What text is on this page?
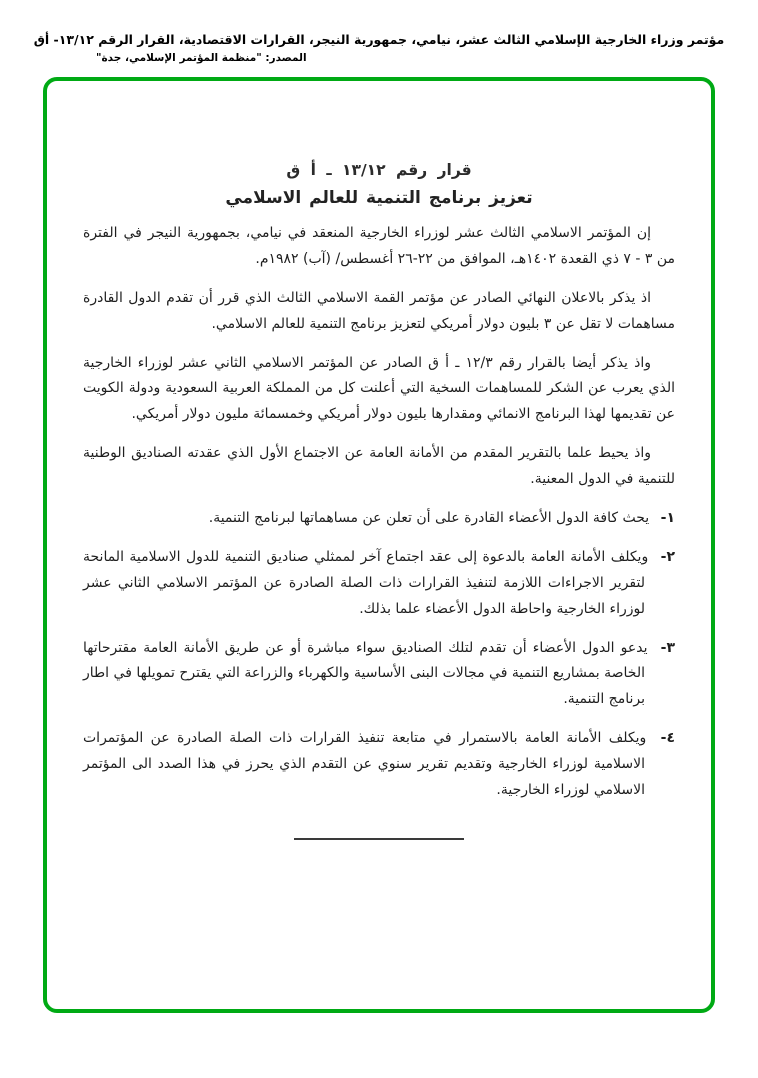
مؤتمر وزراء الخارجية الإسلامي الثالث عشر، نيامي، جمهورية النيجر، القرارات الاقتصادية، القرار الرقم ١٣/١٢- أق
المصدر: "منظمة المؤتمر الإسلامي، جدة"
قرار رقم ١٣/١٢ ـ أ ق
تعزيز برنامج التنمية للعالم الاسلامي

إن المؤتمر الاسلامي الثالث عشر لوزراء الخارجية المنعقد في نيامي، بجمهورية النيجر في الفترة من ٣ - ٧ ذي القعدة ١٤٠٢هـ، الموافق من ٢٢-٢٦ أغسطس/ (آب) ١٩٨٢م.

اذ يذكر بالاعلان النهائي الصادر عن مؤتمر القمة الاسلامي الثالث الذي قرر أن تقدم الدول القادرة مساهمات لا تقل عن ٣ بليون دولار أمريكي لتعزيز برنامج التنمية للعالم الاسلامي.

واذ يذكر أيضا بالقرار رقم ١٢/٣ ـ أ ق الصادر عن المؤتمر الاسلامي الثاني عشر لوزراء الخارجية الذي يعرب عن الشكر للمساهمات السخية التي أعلنت كل من المملكة العربية السعودية ودولة الكويت عن تقديمها لهذا البرنامج الانمائي ومقدارها بليون دولار أمريكي وخمسمائة مليون دولار أمريكي.

واذ يحيط علما بالتقرير المقدم من الأمانة العامة عن الاجتماع الأول الذي عقدته الصناديق الوطنية للتنمية في الدول المعنية.

١- يحث كافة الدول الأعضاء القادرة على أن تعلن عن مساهماتها لبرنامج التنمية.
٢- ويكلف الأمانة العامة بالدعوة إلى عقد اجتماع آخر لممثلي صناديق التنمية للدول الاسلامية المانحة لتقرير الاجراءات اللازمة لتنفيذ القرارات ذات الصلة الصادرة عن المؤتمر الاسلامي الثاني عشر لوزراء الخارجية واحاطة الدول الأعضاء علما بذلك.
٣- يدعو الدول الأعضاء أن تقدم لتلك الصناديق سواء مباشرة أو عن طريق الأمانة العامة مقترحاتها الخاصة بمشاريع التنمية في مجالات البنى الأساسية والكهرباء والزراعة التي يقترح تمويلها في اطار برنامج التنمية.
٤- ويكلف الأمانة العامة بالاستمرار في متابعة تنفيذ القرارات ذات الصلة الصادرة عن المؤتمرات الاسلامية لوزراء الخارجية وتقديم تقرير سنوي عن التقدم الذي يحرز في هذا الصدد الى المؤتمر الاسلامي لوزراء الخارجية.
